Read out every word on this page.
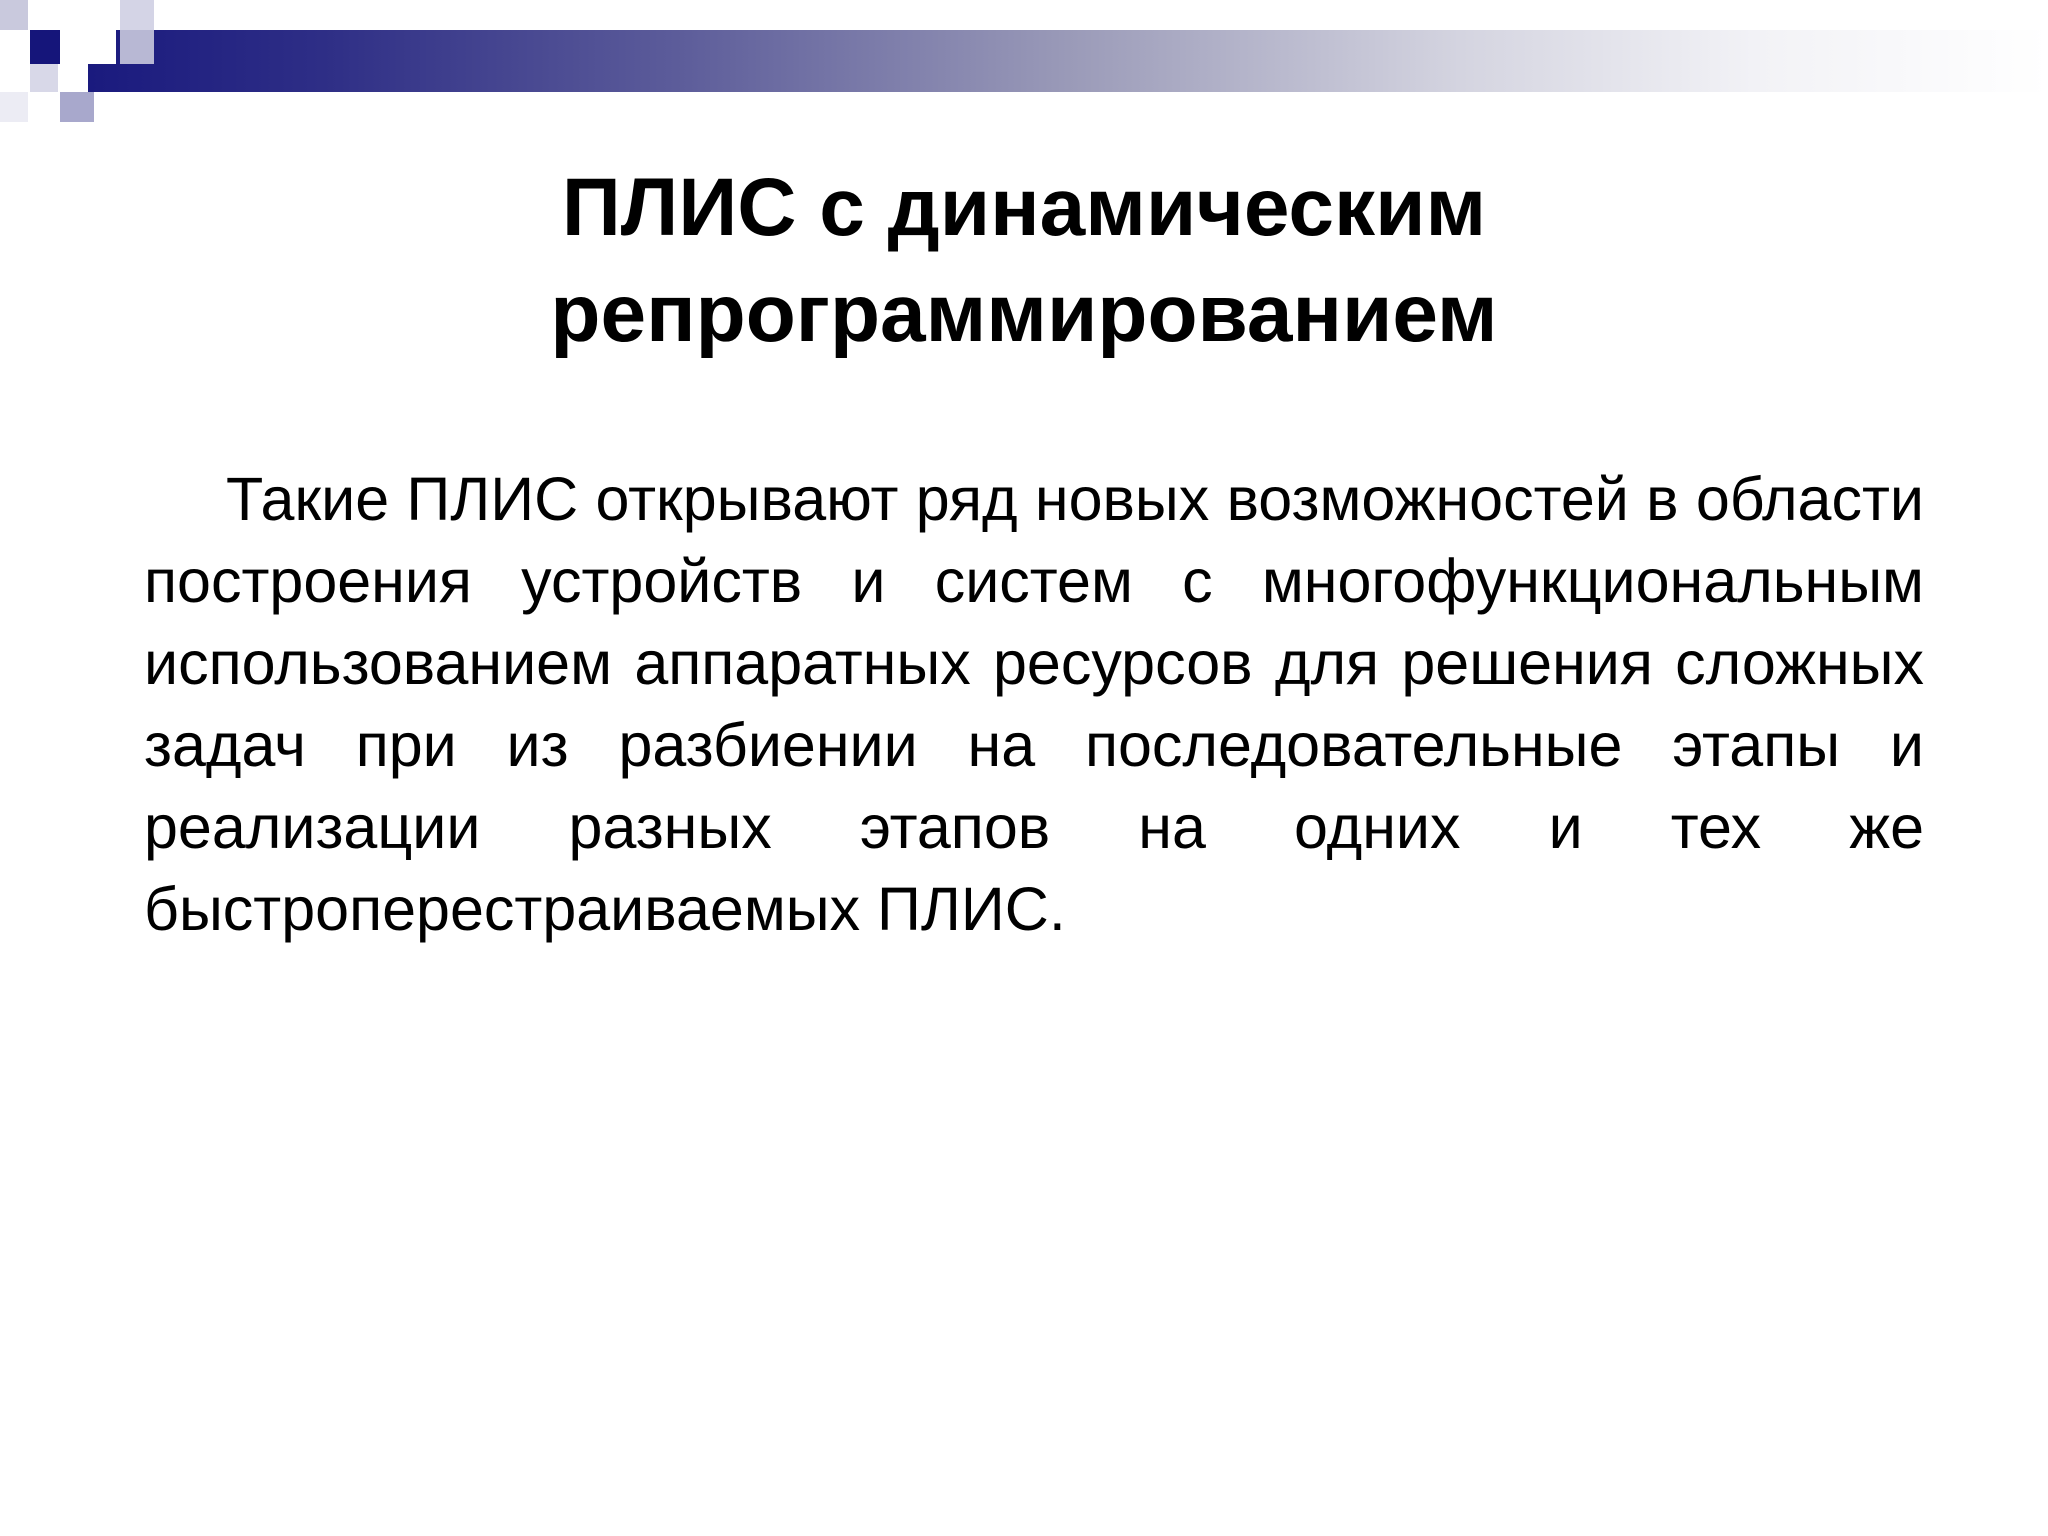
ПЛИС с динамическим
репрограммированием

Такие ПЛИС открывают ряд новых возможностей в области построения устройств и систем с многофункциональным использованием аппаратных ресурсов для решения сложных задач при из разбиении на последовательные этапы и реализации разных этапов на одних и тех же быстроперестраиваемых ПЛИС.
